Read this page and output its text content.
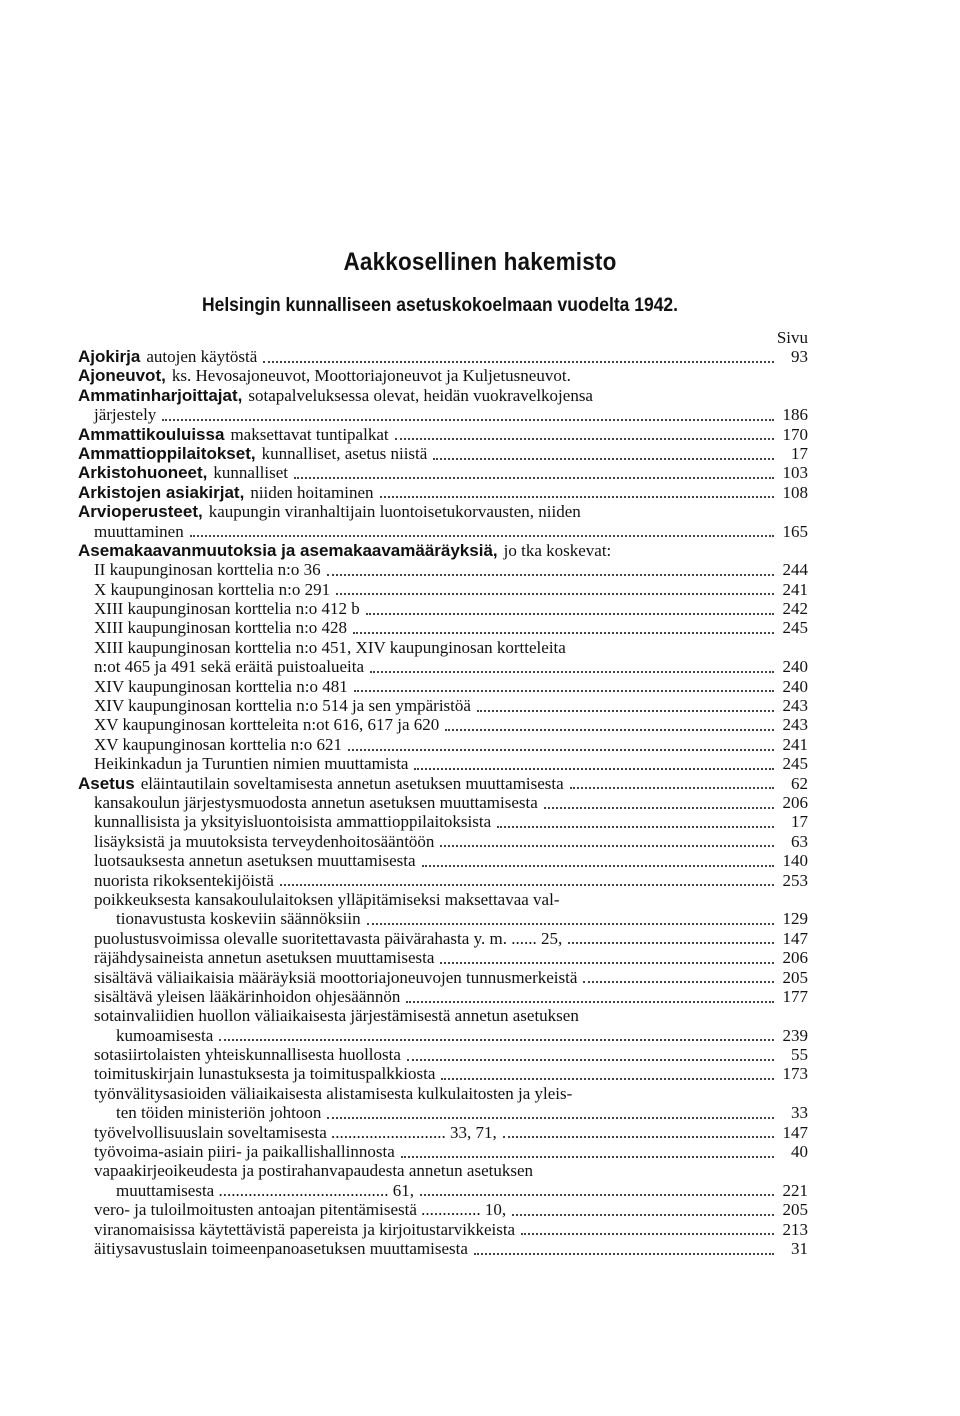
Aakkosellinen hakemisto
Helsingin kunnalliseen asetuskokoelmaan vuodelta 1942.
Sivu
Ajokirja autojen käytöstä	93
Ajoneuvot, ks. Hevosajoneuvot, Moottoriajoneuvot ja Kuljetusneuvot.
Ammatinharjoittajat, sotapalveluksessa olevat, heidän vuokravelkojensa
järjestely	186
Ammattikouluissa maksettavat tuntipalkat	170
Ammattioppilaitokset, kunnalliset, asetus niistä	17
Arkistohuoneet, kunnalliset	103
Arkistojen asiakirjat, niiden hoitaminen	108
Arvioperusteet, kaupungin viranhaltijain luontoisetukorvausten, niiden
muuttaminen	165
Asemakaavanmuutoksia ja asemakaavamääräyksiä, jo tka koskevat:
II kaupunginosan korttelia n:o 36	244
X kaupunginosan korttelia n:o 291	241
XIII kaupunginosan korttelia n:o 412 b	242
XIII kaupunginosan korttelia n:o 428	245
XIII kaupunginosan korttelia n:o 451, XIV kaupunginosan kortteleita
n:ot 465 ja 491 sekä eräitä puistoalueita	240
XIV kaupunginosan korttelia n:o 481	240
XIV kaupunginosan korttelia n:o 514 ja sen ympäristöä	243
XV kaupunginosan kortteleita n:ot 616, 617 ja 620	243
XV kaupunginosan korttelia n:o 621	241
Heikinkadun ja Turuntien nimien muuttamista	245
Asetus eläintautilain soveltamisesta annetun asetuksen muuttamisesta	62
kansakoulun järjestysmuodosta annetun asetuksen muuttamisesta	206
kunnallisista ja yksityisluontoisista ammattioppilaitoksista	17
lisäyksistä ja muutoksista terveydenhoitosääntöön	63
luotsauksesta annetun asetuksen muuttamisesta	140
nuorista rikoksentekijöistä	253
poikkeuksesta kansakoululaitoksen ylläpitämiseksi maksettavaa val-
tionavustusta koskeviin säännöksiin	129
puolustusvoimissa olevalle suoritettavasta päivärahasta y. m. ...... 25,	147
räjähdysaineista annetun asetuksen muuttamisesta	206
sisältävä väliaikaisia määräyksiä moottoriajoneuvojen tunnusmerkeistä	205
sisältävä yleisen lääkärinhoidon ohjesäännön	177
sotainvaliidien huollon väliaikaisesta järjestämisestä annetun asetuksen
kumoamisesta	239
sotasiirtolaisten yhteiskunnallisesta huollosta	55
toimituskirjain lunastuksesta ja toimituspalkkiosta	173
työnvälitysasioiden väliaikaisesta alistamisesta kulkulaitosten ja yleis-
ten töiden ministeriön johtoon	33
työvelvollisuuslain soveltamisesta ........................... 33, 71,	147
työvoima-asiain piiri- ja paikallishallinnosta	40
vapaakirjeoikeudesta ja postirahanvapaudesta annetun asetuksen
muuttamisesta ........................................ 61,	221
vero- ja tuloilmoitusten antoajan pitentämisestä .............. 10,	205
viranomaisissa käytettävistä papereista ja kirjoitustarvikkeista	213
äitiysavustuslain toimeenpanoasetuksen muuttamisesta	31
